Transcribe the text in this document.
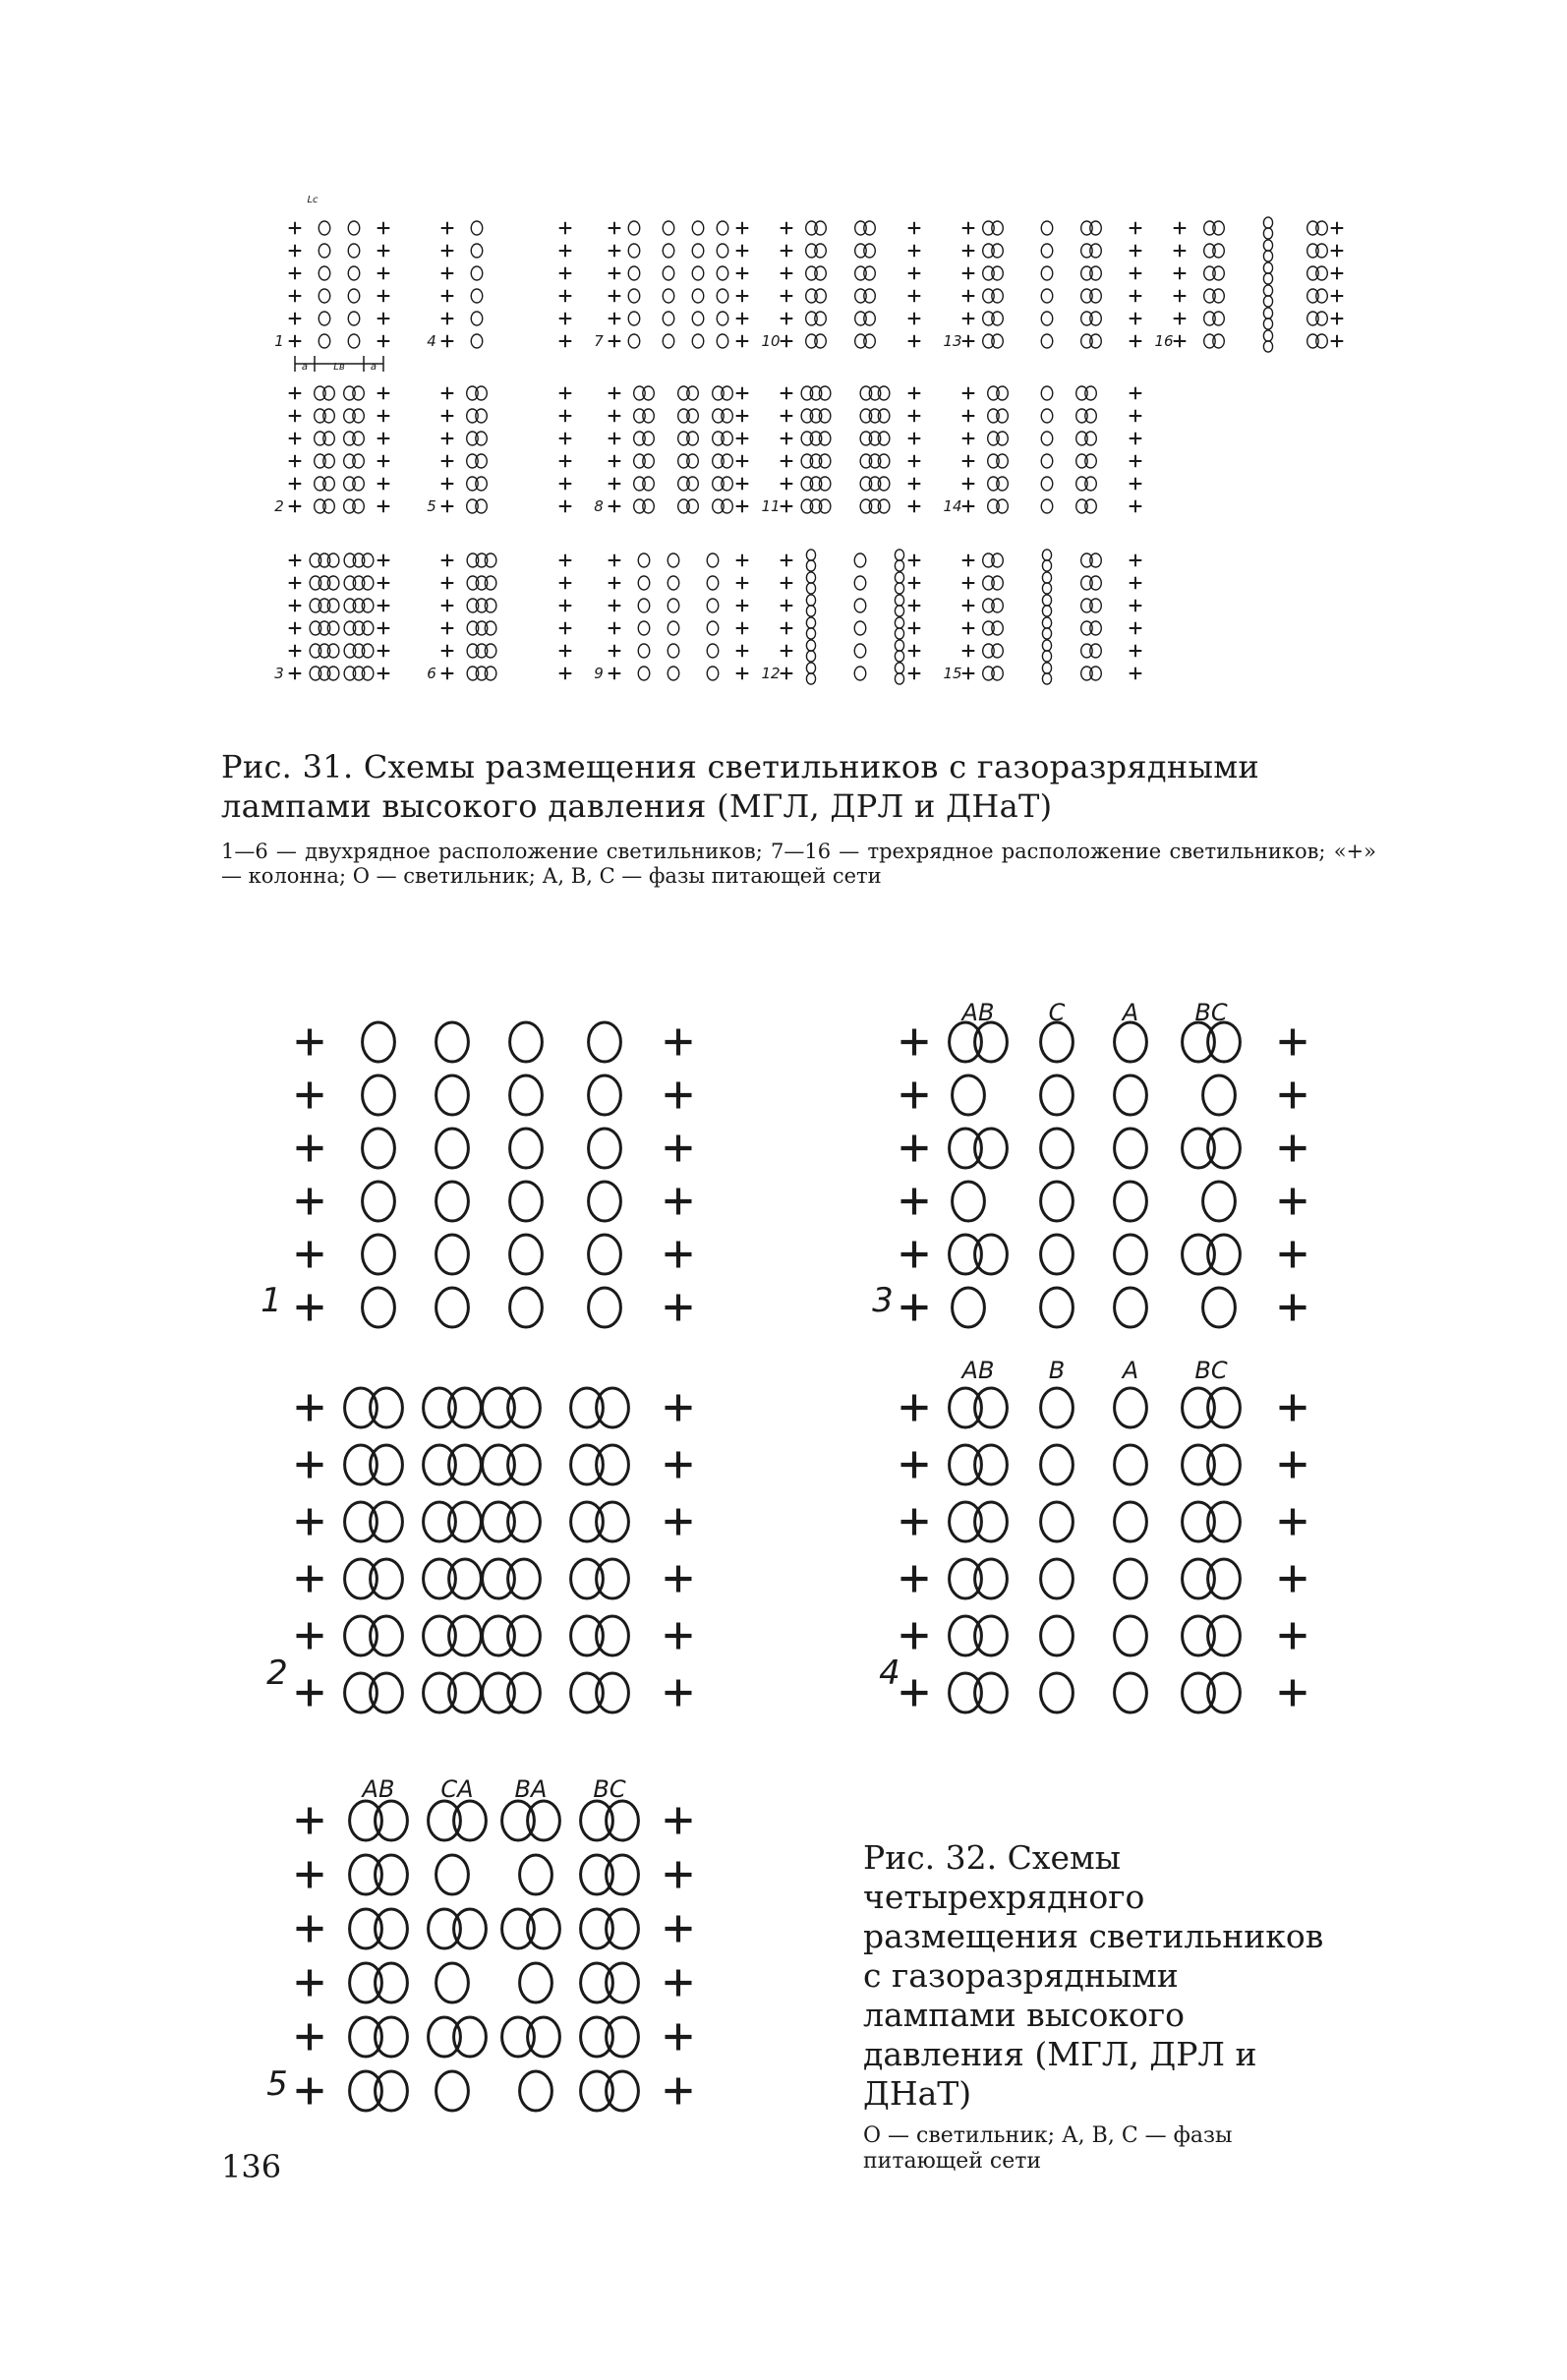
1	4	7	10	13	16
a	Lв	a
Lc
2	5	8	11	14
3	6	9	12	15

Рис. 31. Схемы размещения светильников с газоразрядными лампами высокого давления (МГЛ, ДРЛ и ДНаТ)

1—6 — двухрядное расположение светильников; 7—16 — трехрядное расположение светильников; «+» — колонна; О — светильник; А, В, С — фазы питающей сети

1
2
АВ С А ВС
3
АВ В А ВС
4
АВ СА ВА ВС
5

Рис. 32. Схемы четырехрядного размещения светильников с газоразрядными лампами высокого давления (МГЛ, ДРЛ и ДНаТ)

О — светильник; А, В, С — фазы питающей сети

136
